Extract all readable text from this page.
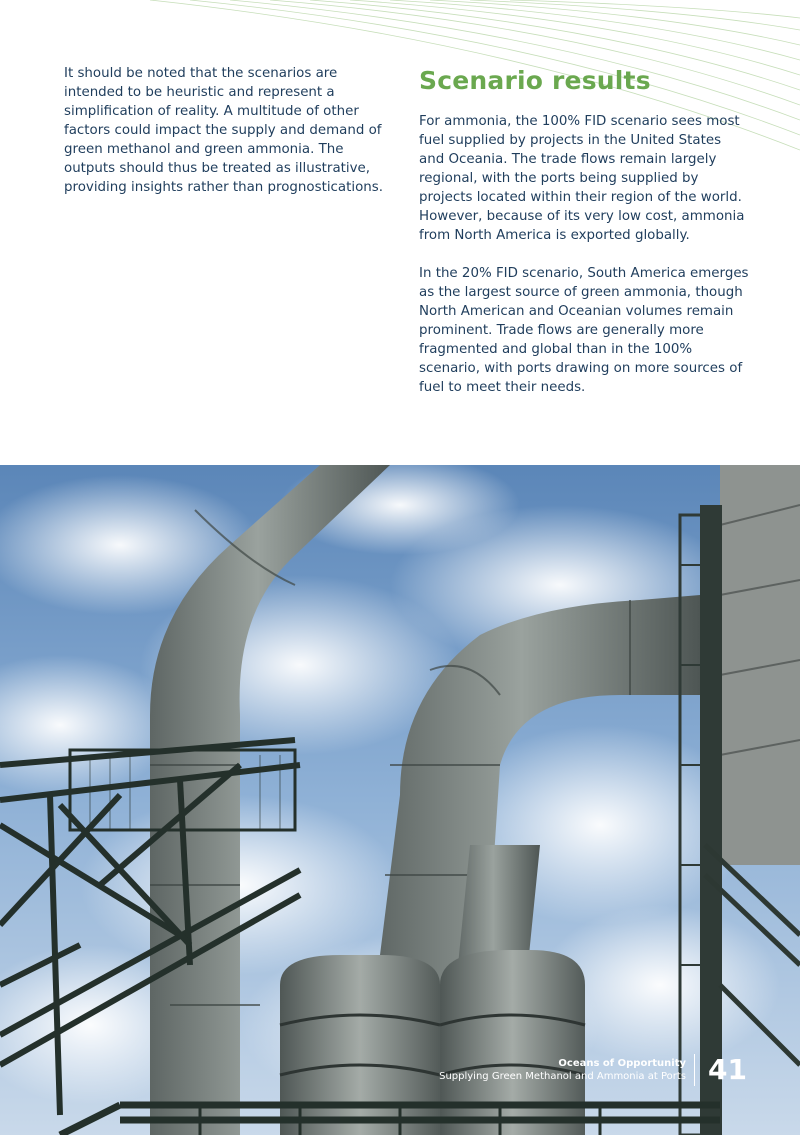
It should be noted that the scenarios are intended to be heuristic and represent a simplification of reality. A multitude of other factors could impact the supply and demand of green methanol and green ammonia. The outputs should thus be treated as illustrative, providing insights rather than prognostications.

Scenario results

For ammonia, the 100% FID scenario sees most fuel supplied by projects in the United States and Oceania. The trade flows remain largely regional, with the ports being supplied by projects located within their region of the world. However, because of its very low cost, ammonia from North America is exported globally.

In the 20% FID scenario, South America emerges as the largest source of green ammonia, though North American and Oceanian volumes remain prominent. Trade flows are generally more fragmented and global than in the 100% scenario, with ports drawing on more sources of fuel to meet their needs.

Oceans of Opportunity
Supplying Green Methanol and Ammonia at Ports 41
